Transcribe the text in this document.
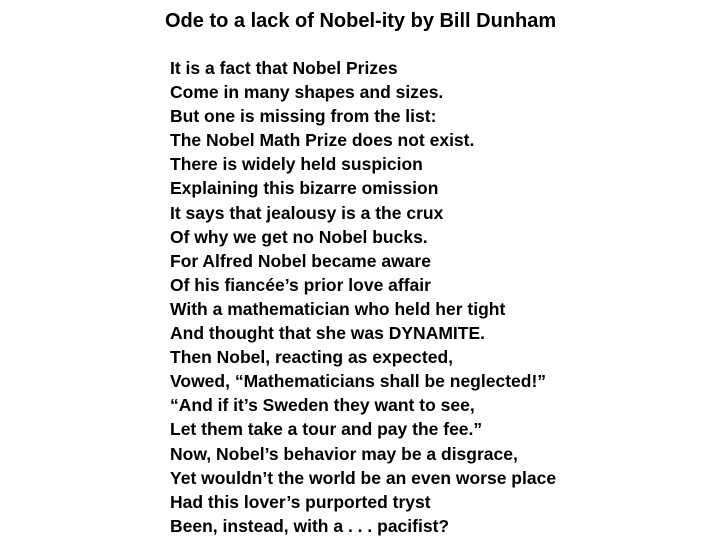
Ode to a lack of Nobel-ity by Bill Dunham
It is a fact that Nobel Prizes
Come in many shapes and sizes.
But one is missing from the list:
The Nobel Math Prize does not exist.
There is widely held suspicion
Explaining this bizarre omission
It says that jealousy is a the crux
Of why we get no Nobel bucks.
For Alfred Nobel became aware
Of his fiancée’s prior love affair
With a mathematician who held her tight
And thought that she was DYNAMITE.
Then Nobel, reacting as expected,
Vowed, “Mathematicians shall be neglected!”
“And if it’s Sweden they want to see,
Let them take a tour and pay the fee.”
Now, Nobel’s behavior may be a disgrace,
Yet wouldn’t the world be an even worse place
Had this lover’s purported tryst
Been, instead, with a . . . pacifist?
